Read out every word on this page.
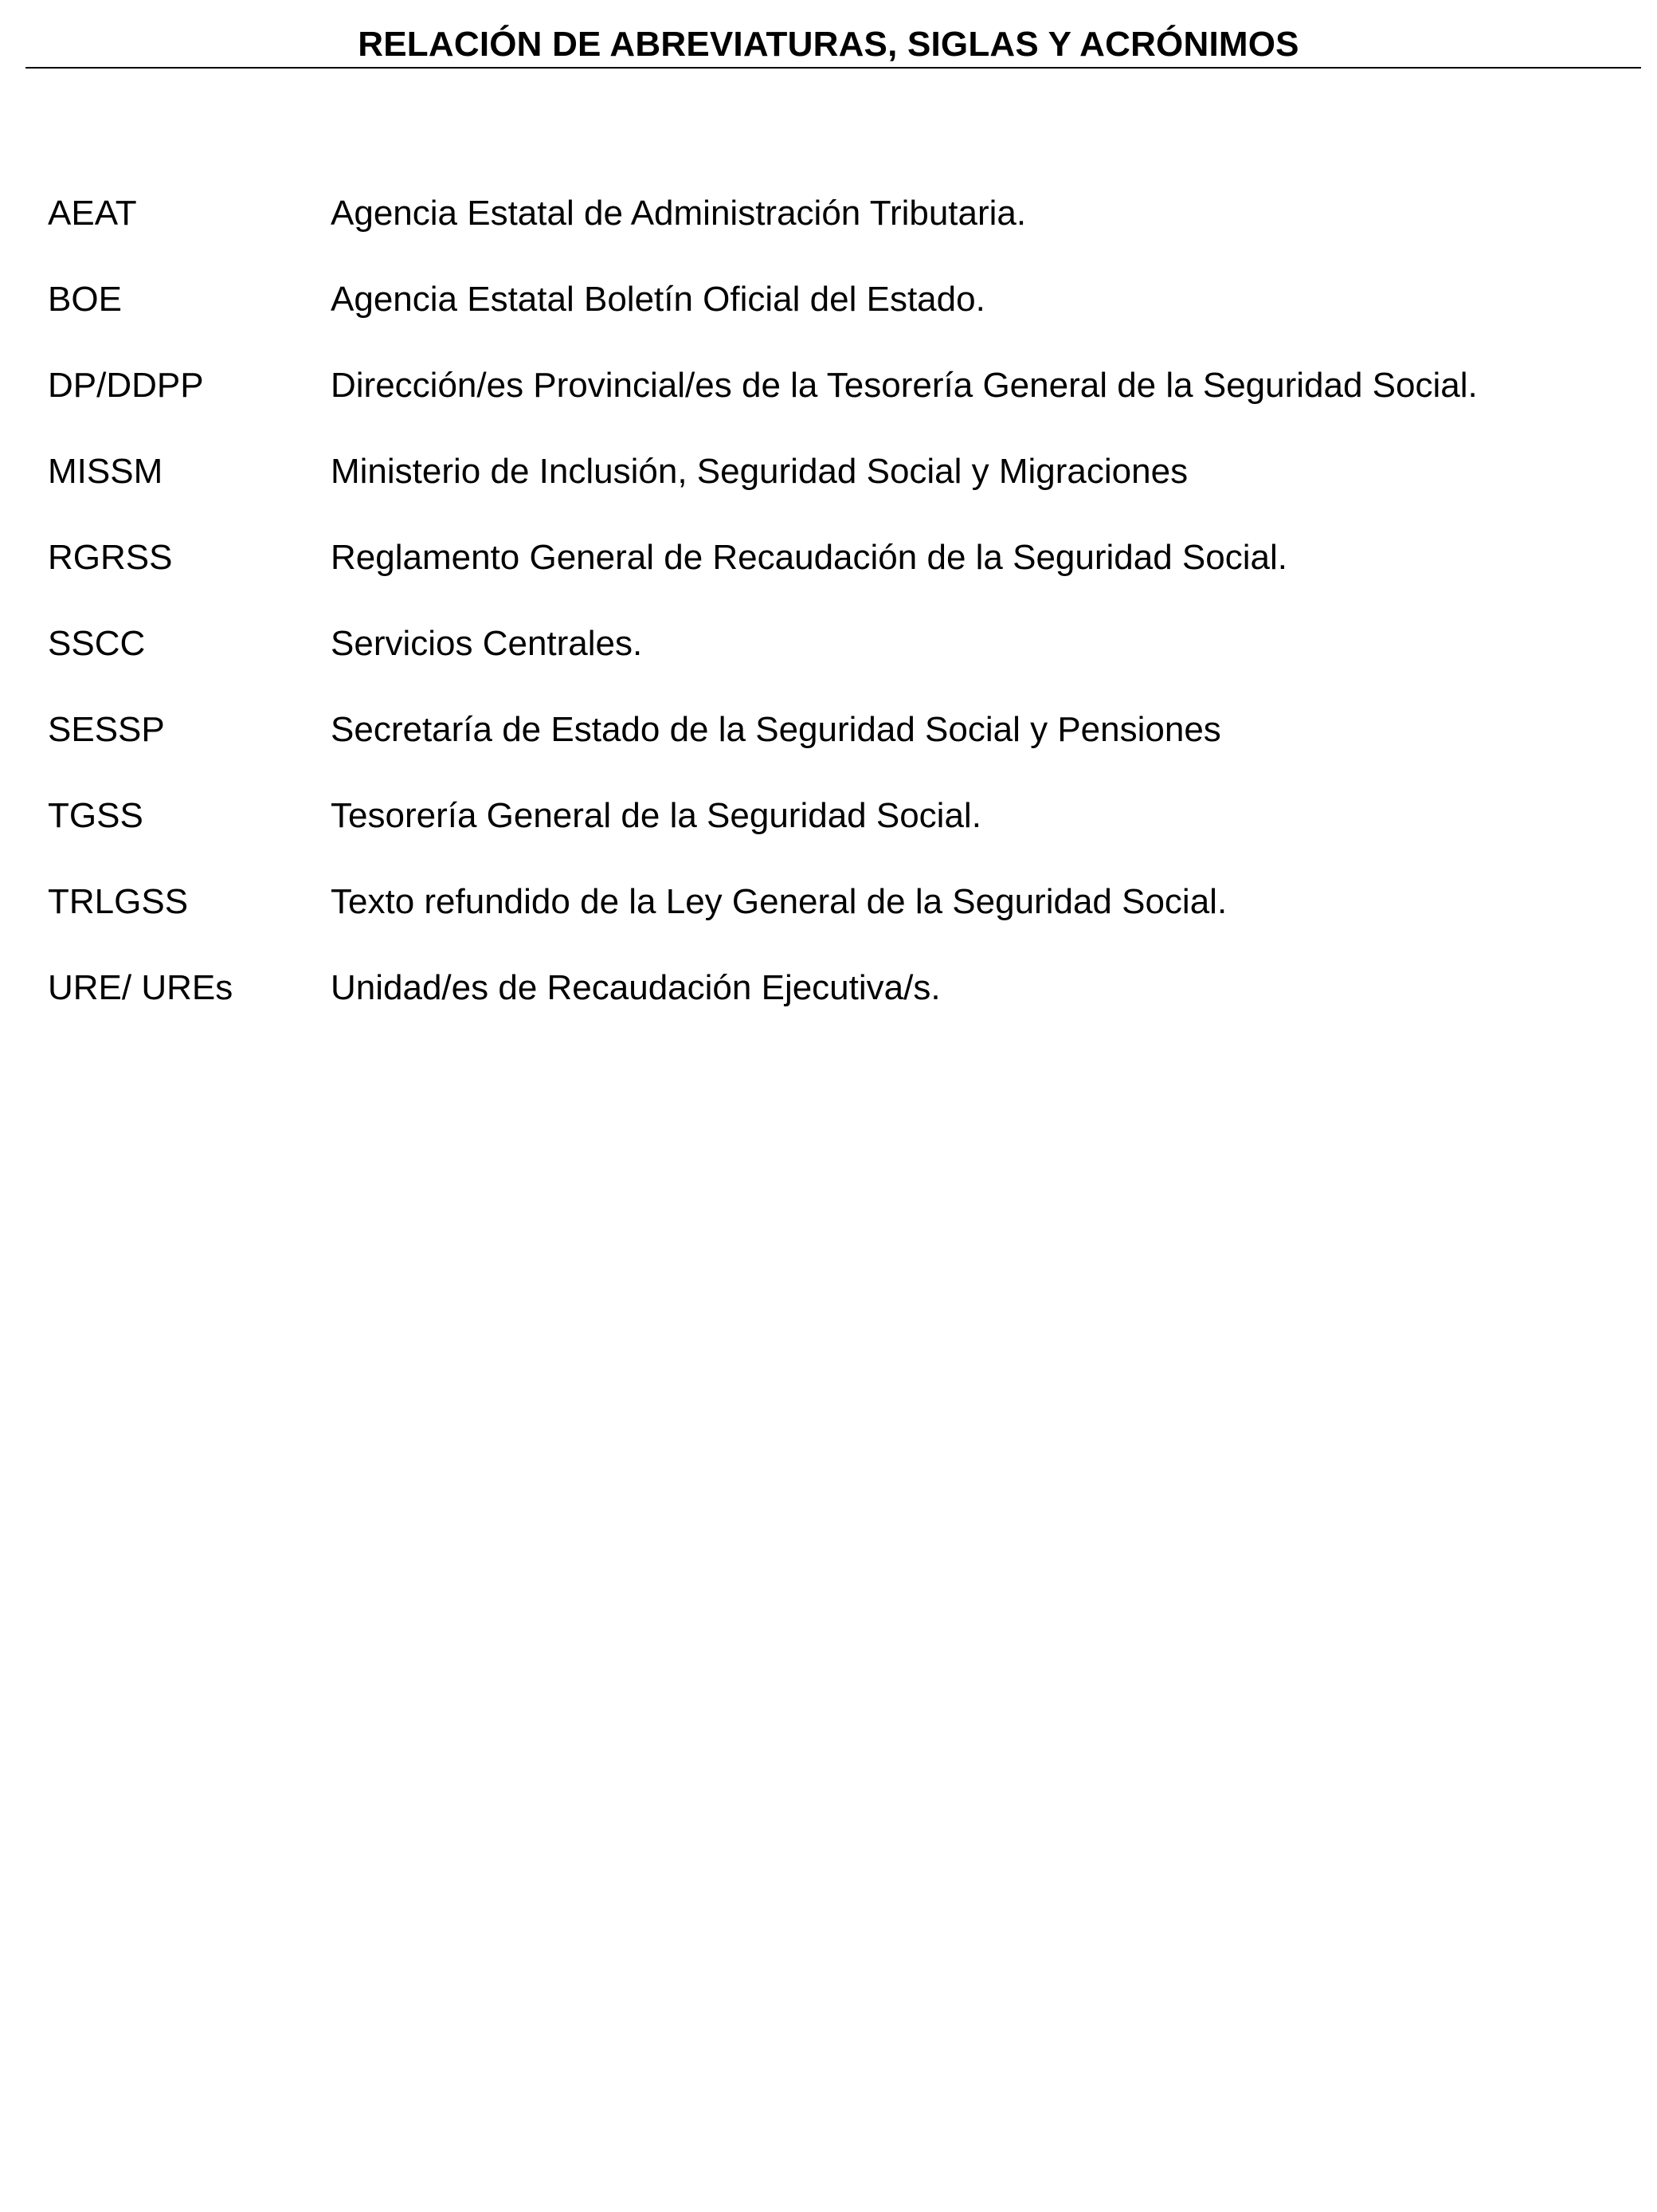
RELACIÓN DE ABREVIATURAS, SIGLAS Y ACRÓNIMOS
AEAT	Agencia Estatal de Administración Tributaria.
BOE	Agencia Estatal Boletín Oficial del Estado.
DP/DDPP	Dirección/es Provincial/es de la Tesorería General de la Seguridad Social.
MISSM	Ministerio de Inclusión, Seguridad Social y Migraciones
RGRSS	Reglamento General de Recaudación de la Seguridad Social.
SSCC	Servicios Centrales.
SESSP	Secretaría de Estado de la Seguridad Social y Pensiones
TGSS	Tesorería General de la Seguridad Social.
TRLGSS	Texto refundido de la Ley General de la Seguridad Social.
URE/ UREs	Unidad/es de Recaudación Ejecutiva/s.
